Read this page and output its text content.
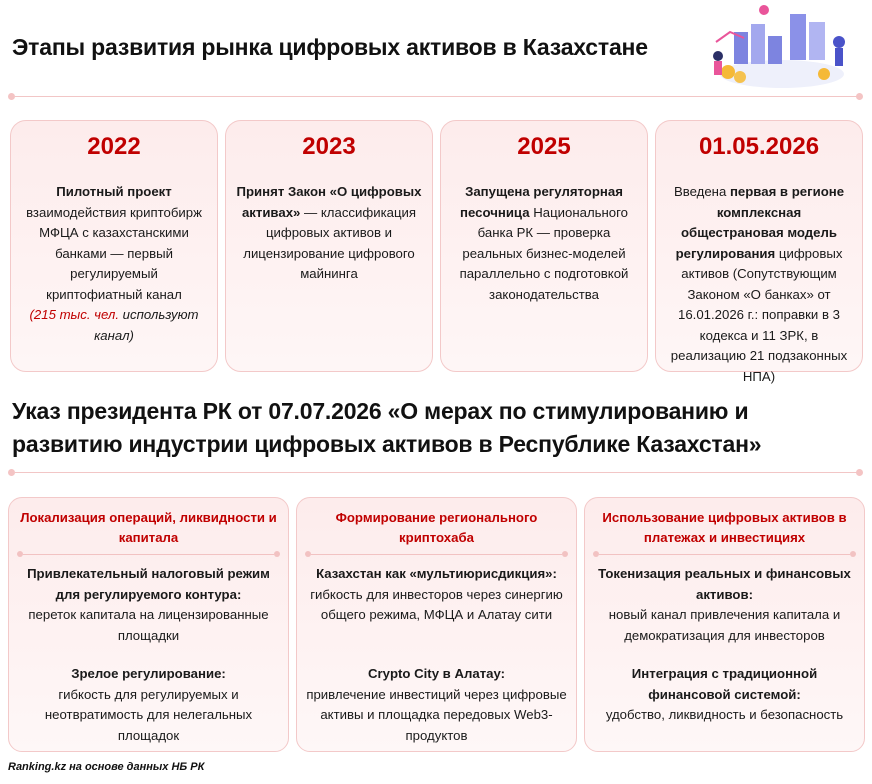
Этапы развития рынка цифровых активов в Казахстане
2022
Пилотный проект взаимодействия криптобирж МФЦА с казахстанскими банками — первый регулируемый криптофиатный канал
(215 тыс. чел. используют канал)
2023
Принят Закон «О цифровых активах» — классификация цифровых активов и лицензирование цифрового майнинга
2025
Запущена регуляторная песочница Национального банка РК — проверка реальных бизнес-моделей параллельно с подготовкой законодательства
01.05.2026
Введена первая в регионе комплексная общестрановая модель регулирования цифровых активов (Сопутствующим Законом «О банках» от 16.01.2026 г.: поправки в 3 кодекса и 11 ЗРК, в реализацию 21 подзаконных НПА)
Указ президента РК от 07.07.2026 «О мерах по стимулированию и развитию индустрии цифровых активов в Республике Казахстан»
Локализация операций, ликвидности и капитала
Привлекательный налоговый режим для регулируемого контура:
переток капитала на лицензированные площадки
Зрелое регулирование:
гибкость для регулируемых и неотвратимость для нелегальных площадок
Формирование регионального криптохаба
Казахстан как «мультиюрисдикция»:
гибкость для инвесторов через синергию общего режима, МФЦА и Алатау сити
Crypto City в Алатау:
привлечение инвестиций через цифровые активы и площадка передовых Web3-продуктов
Использование цифровых активов в платежах и инвестициях
Токенизация реальных и финансовых активов:
новый канал привлечения капитала и демократизация для инвесторов
Интеграция с традиционной финансовой системой:
удобство, ликвидность и безопасность
Ranking.kz на основе данных НБ РК
